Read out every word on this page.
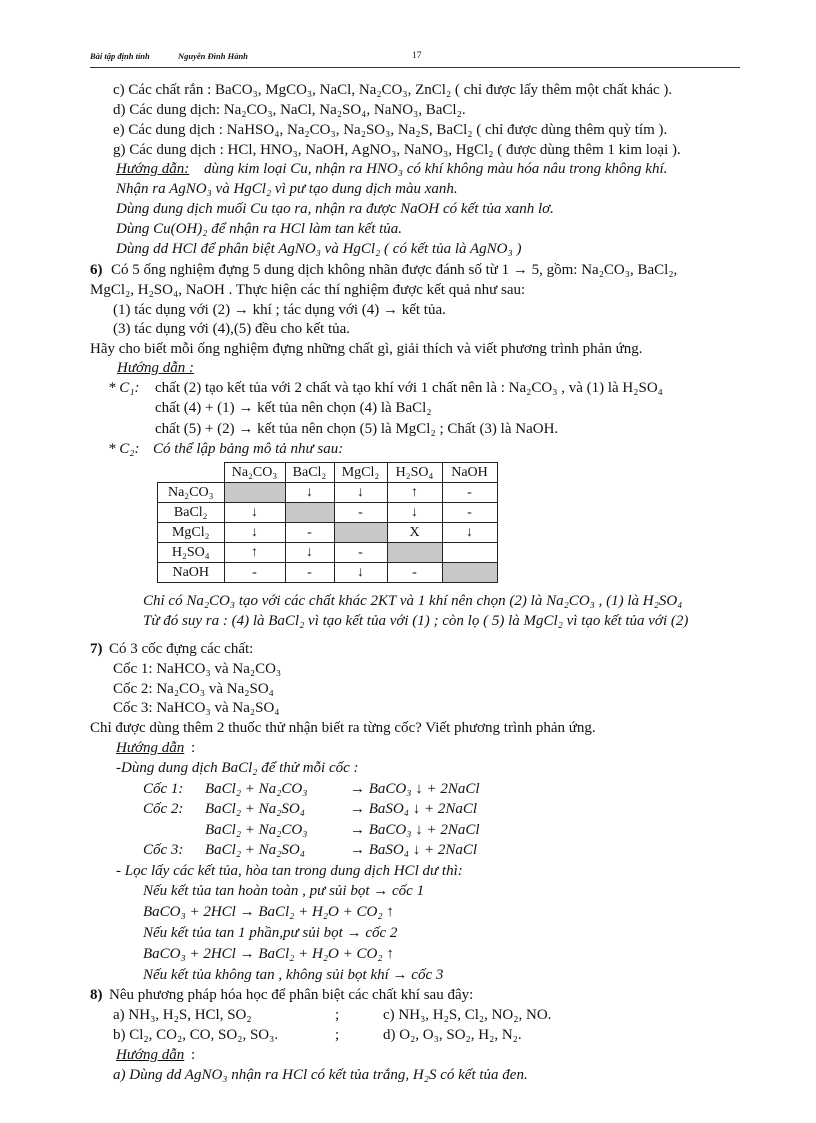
Bài tập định tính	Nguyễn Đình Hành	17
c) Các chất rắn : BaCO₃, MgCO₃, NaCl, Na₂CO₃, ZnCl₂ ( chỉ được lấy thêm một chất khác ).
d) Các dung dịch: Na₂CO₃, NaCl, Na₂SO₄, NaNO₃, BaCl₂.
e) Các dung dịch : NaHSO₄, Na₂CO₃, Na₂SO₃, Na₂S, BaCl₂ ( chỉ được dùng thêm quỳ tím ).
g) Các dung dịch : HCl, HNO₃, NaOH, AgNO₃, NaNO₃, HgCl₂ ( được dùng thêm 1 kim loại ).
Hướng dẫn: dùng kim loại Cu, nhận ra HNO₃ có khí không màu hóa nâu trong không khí.
Nhận ra AgNO₃ và HgCl₂ vì pư tạo dung dịch màu xanh.
Dùng dung dịch muối Cu tạo ra, nhận ra được NaOH có kết tủa xanh lơ.
Dùng Cu(OH)₂ để nhận ra HCl làm tan kết tủa.
Dùng dd HCl để phân biệt AgNO₃ và HgCl₂ ( có kết tủa là AgNO₃ )
6) Có 5 ống nghiệm đựng 5 dung dịch không nhãn được đánh số từ 1 → 5, gồm: Na₂CO₃, BaCl₂,
MgCl₂, H₂SO₄, NaOH . Thực hiện các thí nghiệm được kết quả như sau:
(1) tác dụng với (2) → khí ; tác dụng với (4) → kết tủa.
(3) tác dụng với (4),(5) đều cho kết tủa.
Hãy cho biết mỗi ống nghiệm đựng những chất gì, giải thích và viết phương trình phản ứng.
Hướng dẫn :
* C₁: chất (2) tạo kết tủa với 2 chất và tạo khí với 1 chất nên là : Na₂CO₃ , và (1) là H₂SO₄
chất (4) + (1) → kết tủa nên chọn (4) là BaCl₂
chất (5) + (2) → kết tủa nên chọn (5) là MgCl₂ ; Chất (3) là NaOH.
* C₂: Có thể lập bảng mô tả như sau:
	Na₂CO₃	BaCl₂	MgCl₂	H₂SO₄	NaOH
Na₂CO₃		↓	↓	↑	-
BaCl₂	↓		-	↓	-
MgCl₂	↓	-		X	↓
H₂SO₄	↑	↓	-		
NaOH	-	-	↓	-	
Chỉ có Na₂CO₃ tạo với các chất khác 2KT và 1 khí nên chọn (2) là Na₂CO₃ , (1) là H₂SO₄
Từ đó suy ra : (4) là BaCl₂ vì tạo kết tủa với (1) ; còn lọ ( 5) là MgCl₂ vì tạo kết tủa với (2)
7) Có 3 cốc đựng các chất:
Cốc 1: NaHCO₃ và Na₂CO₃
Cốc 2: Na₂CO₃ và Na₂SO₄
Cốc 3: NaHCO₃ và Na₂SO₄
Chỉ được dùng thêm 2 thuốc thử nhận biết ra từng cốc? Viết phương trình phản ứng.
Hướng dẫn :
-Dùng dung dịch BaCl₂ để thử mỗi cốc :
Cốc 1: BaCl₂ + Na₂CO₃	→ BaCO₃ ↓ + 2NaCl
Cốc 2: BaCl₂ + Na₂SO₄	→ BaSO₄ ↓ + 2NaCl
BaCl₂ + Na₂CO₃	→ BaCO₃ ↓ + 2NaCl
Cốc 3: BaCl₂ + Na₂SO₄	→ BaSO₄ ↓ + 2NaCl
- Lọc lấy các kết tủa, hòa tan trong dung dịch HCl dư thì:
Nếu kết tủa tan hoàn toàn , pư sủi bọt → cốc 1
BaCO₃ + 2HCl → BaCl₂ + H₂O + CO₂ ↑
Nếu kết tủa tan 1 phần,pư sủi bọt → cốc 2
BaCO₃ + 2HCl → BaCl₂ + H₂O + CO₂ ↑
Nếu kết tủa không tan , không sủi bọt khí → cốc 3
8) Nêu phương pháp hóa học để phân biệt các chất khí sau đây:
a) NH₃, H₂S, HCl, SO₂	;	c) NH₃, H₂S, Cl₂, NO₂, NO.
b) Cl₂, CO₂, CO, SO₂, SO₃.	;	d) O₂, O₃, SO₂, H₂, N₂.
Hướng dẫn :
a) Dùng dd AgNO₃ nhận ra HCl có kết tủa trắng, H₂S có kết tủa đen.
